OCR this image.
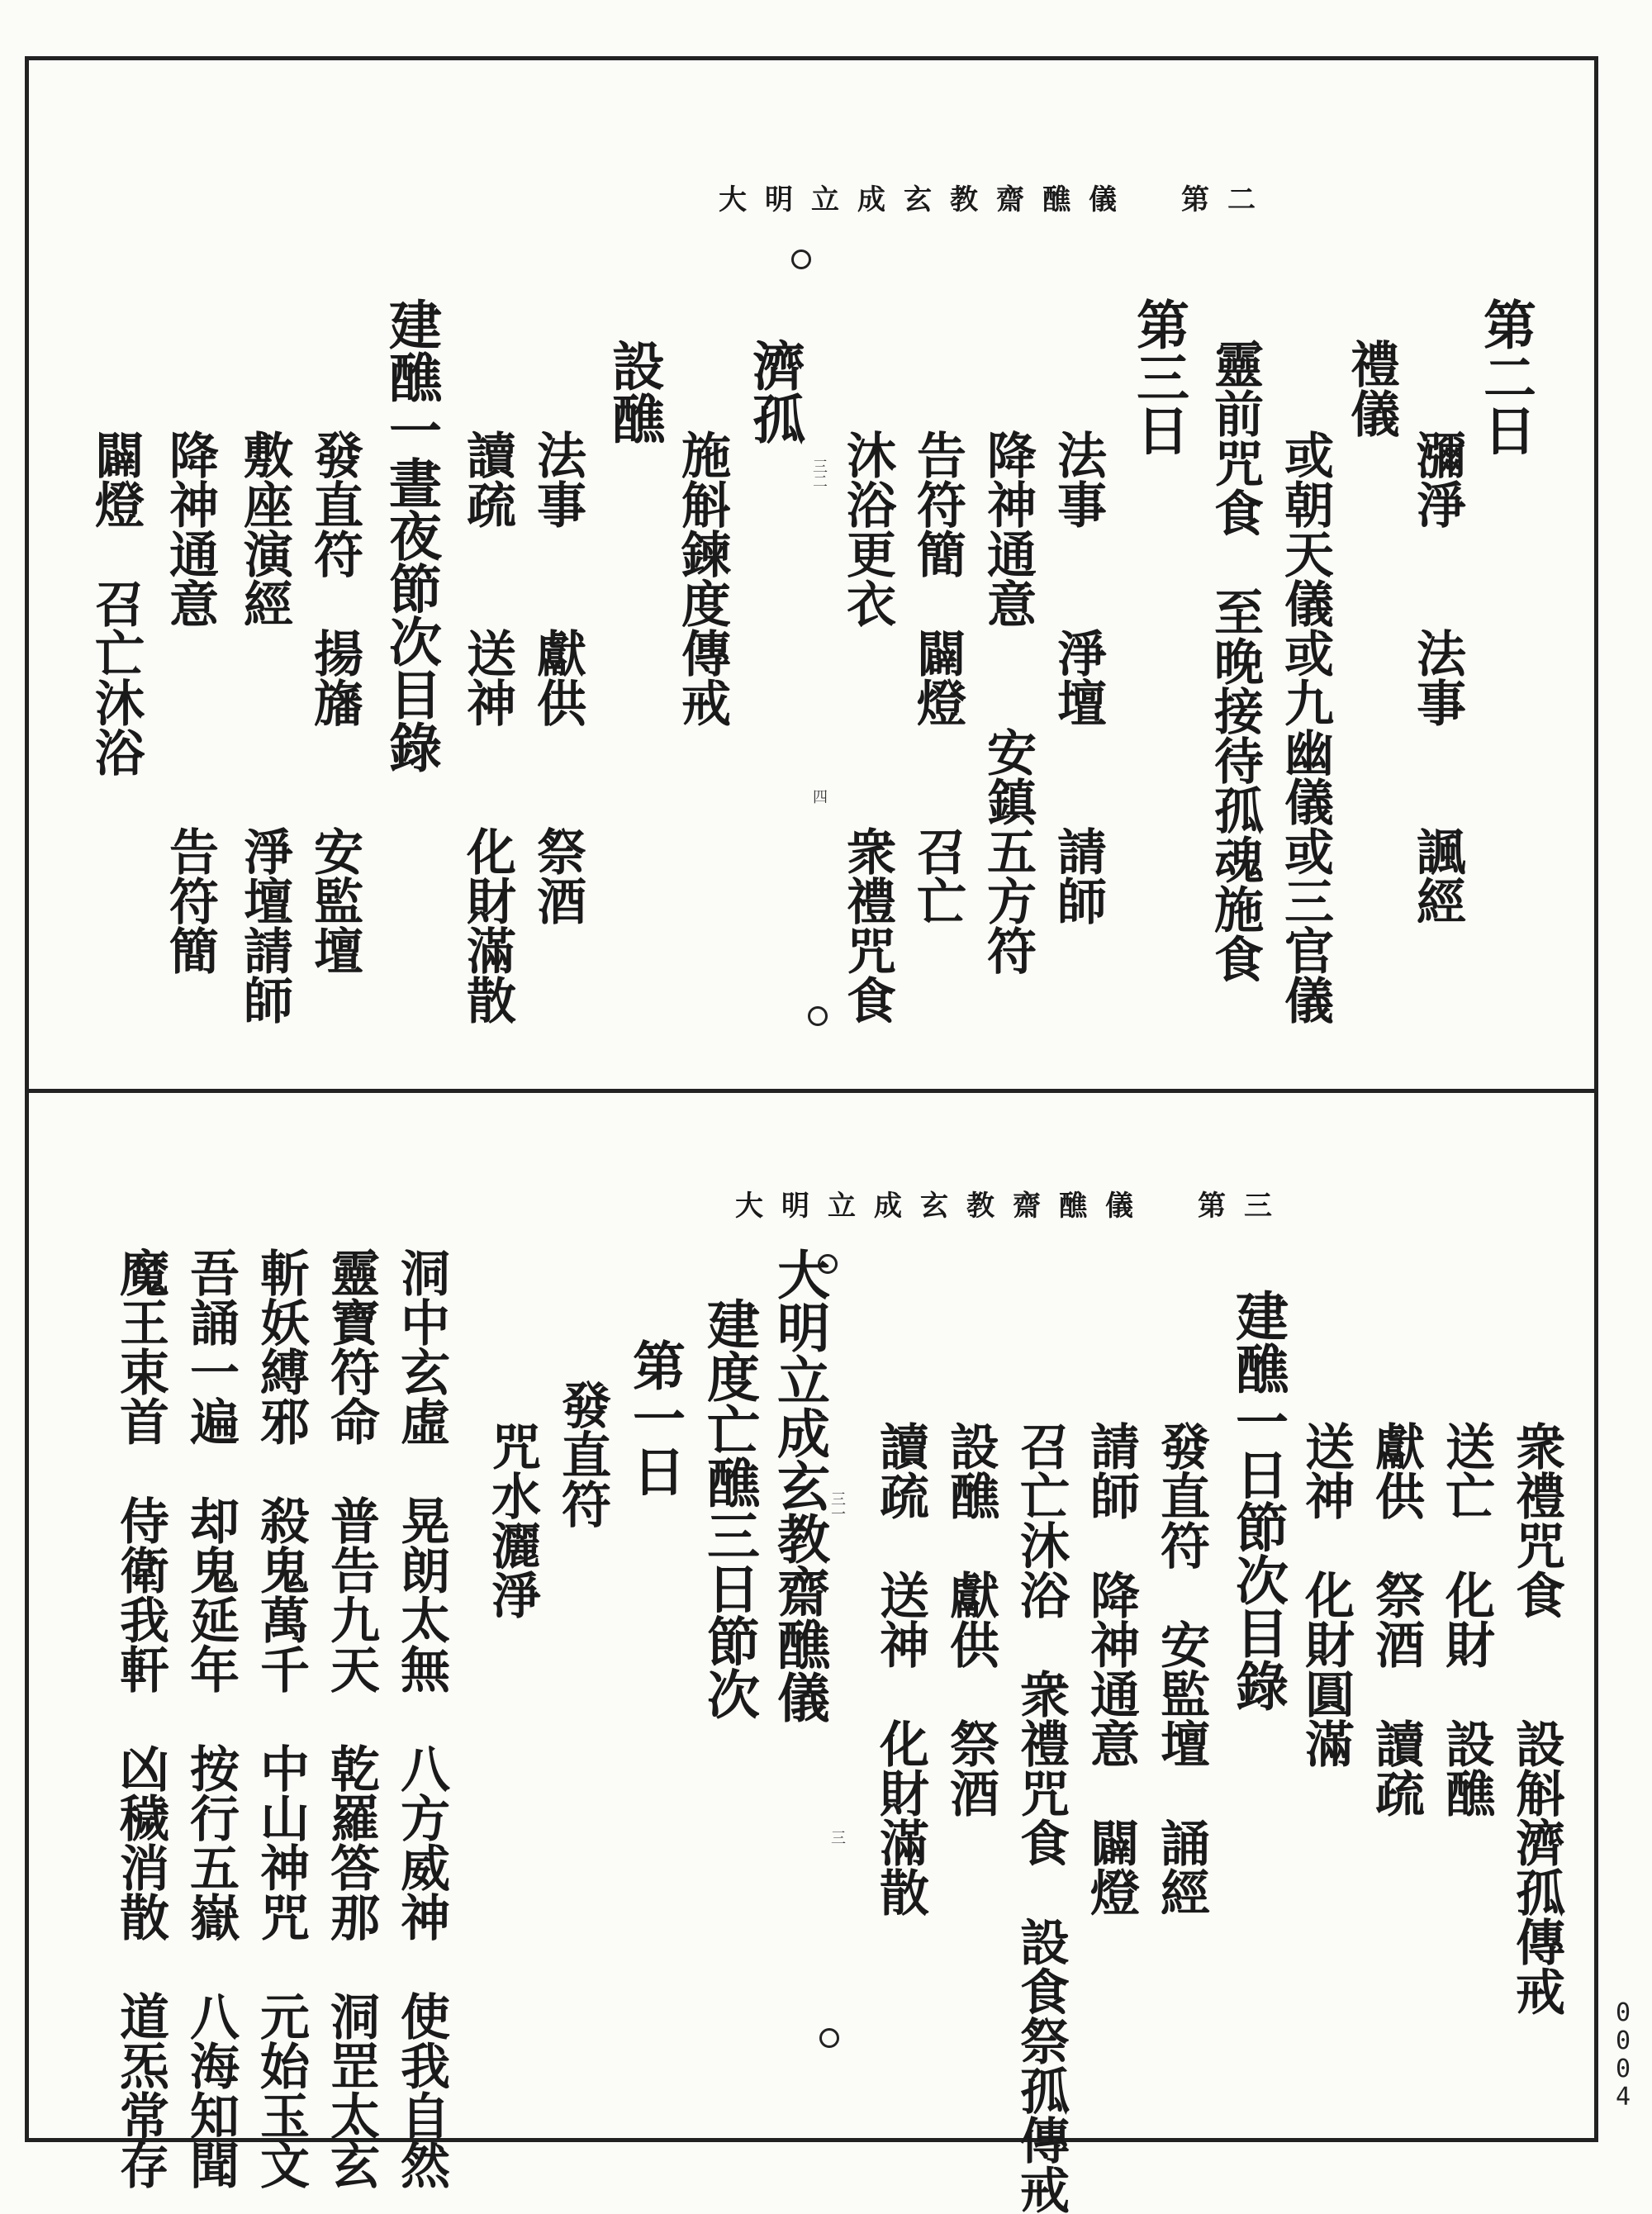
大明立成玄教齋醮儀　第二
第二日
瀰淨　　法事　　諷經
禮儀
或朝天儀或九幽儀或三官儀
靈前咒食　至晚接待孤魂施食
第三日
法事　　淨壇　　請師
降神通意　　安鎮五方符
告符簡　闢燈　　召亡
沐浴更衣　　　　衆禮咒食
濟孤
施斛鍊度傳戒
設醮
法事　　獻供　　祭酒
讀疏　　送神　　化財滿散
建醮一晝夜節次目錄
發直符　揚旛　　安監壇
敷座演經　　　　淨壇請師
降神通意　　　　告符簡
闢燈　召亡沐浴	三二
四
大明立成玄教齋醮儀　第三
衆禮咒食　　設斛濟孤傳戒
送亡　化財　設醮
獻供　祭酒　讀疏
送神　化財圓滿
建醮一日節次目錄
發直符　安監壇　誦經
請師　降神通意　闢燈
召亡沐浴　衆禮咒食　設食祭孤傳戒
設醮　獻供　祭酒
讀疏　送神　化財滿散
大明立成玄教齋醮儀
建度亡醮三日節次
第一日
發直符
咒水灑淨
洞中玄虛　晃朗太無　八方威神　使我自然
靈寶符命　普告九天　乾羅答那　洞罡太玄
斬妖縛邪　殺鬼萬千　中山神咒　元始玉文
吾誦一遍　却鬼延年　按行五嶽　八海知聞
魔王束首　侍衛我軒　凶穢消散　道炁常存	三一
三
0
0
0
4
